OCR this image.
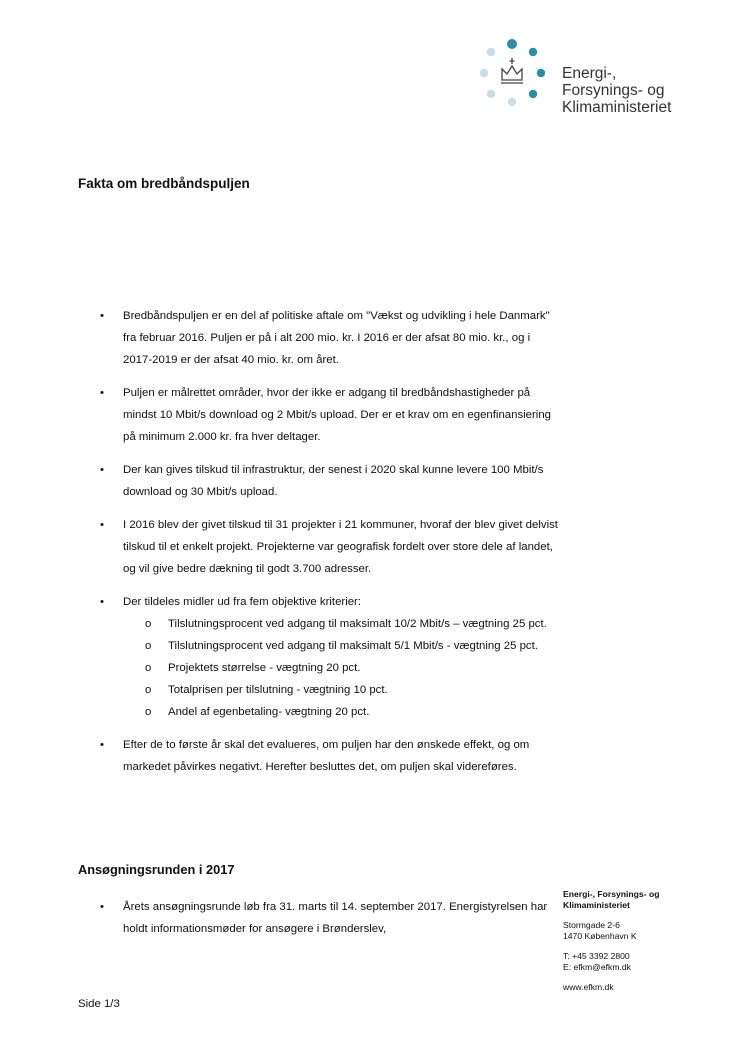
Energi-,
Forsynings- og
Klimaministeriet
Fakta om bredbåndspuljen
•	Bredbåndspuljen er en del af politiske aftale om "Vækst og udvikling i hele Danmark" fra februar 2016. Puljen er på i alt 200 mio. kr. I 2016 er der afsat 80 mio. kr., og i 2017-2019 er der afsat 40 mio. kr. om året.
•	Puljen er målrettet områder, hvor der ikke er adgang til bredbåndshastigheder på mindst 10 Mbit/s download og 2 Mbit/s upload. Der er et krav om en egenfinansiering på minimum 2.000 kr. fra hver deltager.
•	Der kan gives tilskud til infrastruktur, der senest i 2020 skal kunne levere 100 Mbit/s download og 30 Mbit/s upload.
•	I 2016 blev der givet tilskud til 31 projekter i 21 kommuner, hvoraf der blev givet delvist tilskud til et enkelt projekt. Projekterne var geografisk fordelt over store dele af landet, og vil give bedre dækning til godt 3.700 adresser.
•	Der tildeles midler ud fra fem objektive kriterier:
o Tilslutningsprocent ved adgang til maksimalt 10/2 Mbit/s – vægtning 25 pct.
o Tilslutningsprocent ved adgang til maksimalt 5/1 Mbit/s - vægtning 25 pct.
o Projektets størrelse - vægtning 20 pct.
o Totalprisen per tilslutning - vægtning 10 pct.
o Andel af egenbetaling- vægtning 20 pct.
•	Efter de to første år skal det evalueres, om puljen har den ønskede effekt, og om markedet påvirkes negativt. Herefter besluttes det, om puljen skal videreføres.
Ansøgningsrunden i 2017
•	Årets ansøgningsrunde løb fra 31. marts til 14. september 2017. Energistyrelsen har holdt informationsmøder for ansøgere i Brønderslev,
Side 1/3
Energi-, Forsynings- og
Klimaministeriet
Stormgade 2-6
1470 København K
T: +45 3392 2800
E: efkm@efkm.dk
www.efkm.dk
